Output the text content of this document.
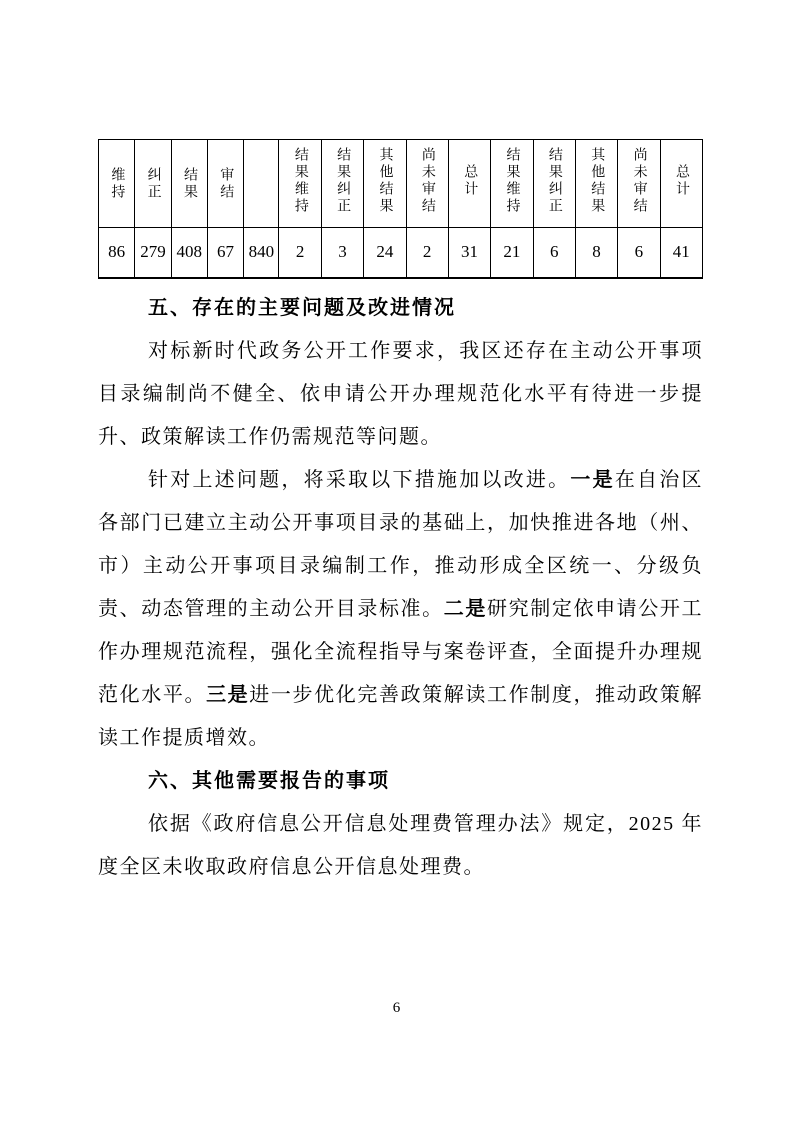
维持	纠正	结果	审结		结果维持	结果纠正	其他结果	尚未审结	总计	结果维持	结果纠正	其他结果	尚未审结	总计
86	279	408	67	840	2	3	24	2	31	21	6	8	6	41
五、存在的主要问题及改进情况

对标新时代政务公开工作要求，我区还存在主动公开事项目录编制尚不健全、依申请公开办理规范化水平有待进一步提升、政策解读工作仍需规范等问题。

针对上述问题，将采取以下措施加以改进。一是在自治区各部门已建立主动公开事项目录的基础上，加快推进各地（州、市）主动公开事项目录编制工作，推动形成全区统一、分级负责、动态管理的主动公开目录标准。二是研究制定依申请公开工作办理规范流程，强化全流程指导与案卷评查，全面提升办理规范化水平。三是进一步优化完善政策解读工作制度，推动政策解读工作提质增效。

六、其他需要报告的事项

依据《政府信息公开信息处理费管理办法》规定，2025 年度全区未收取政府信息公开信息处理费。

6
